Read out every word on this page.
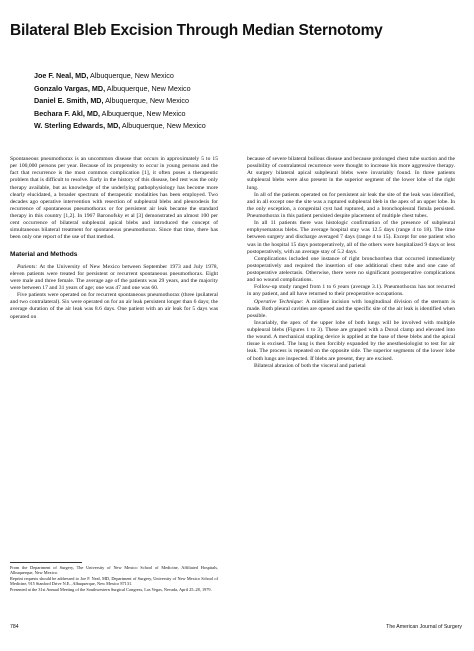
Bilateral Bleb Excision Through Median Sternotomy
Joe F. Neal, MD, Albuquerque, New Mexico
Gonzalo Vargas, MD, Albuquerque, New Mexico
Daniel E. Smith, MD, Albuquerque, New Mexico
Bechara F. Akl, MD, Albuquerque, New Mexico
W. Sterling Edwards, MD, Albuquerque, New Mexico

Spontaneous pneumothorax is an uncommon disease that occurs in approximately 5 to 15 per 100,000 persons per year. Because of its propensity to occur in young persons and the fact that recurrence is the most common complication [1], it often poses a therapeutic problem that is difficult to resolve. Early in the history of this disease, bed rest was the only therapy available, but as knowledge of the underlying pathophysiology has become more clearly elucidated, a broader spectrum of therapeutic modalities has been employed. Two decades ago operative intervention with resection of subpleural blebs and pleurodesis for recurrence of spontaneous pneumothorax or for persistent air leak became the standard therapy in this country [1,2]. In 1967 Baronofsky et al [3] demonstrated an almost 100 per cent occurrence of bilateral subpleural apical blebs and introduced the concept of simultaneous bilateral treatment for spontaneous pneumothorax. Since that time, there has been only one report of the use of that method.

Material and Methods

Patients: At the University of New Mexico between September 1973 and July 1978, eleven patients were treated for persistent or recurrent spontaneous pneumothorax. Eight were male and three female. The average age of the patients was 29 years, and the majority were between 17 and 31 years of age; one was 47 and one was 60.

Five patients were operated on for recurrent spontaneous pneumothorax (three ipsilateral and two contralateral). Six were operated on for an air leak persistent longer than 6 days; the average duration of the air leak was 8.6 days. One patient with an air leak for 5 days was operated on

From the Department of Surgery, The University of New Mexico School of Medicine, Affiliated Hospitals, Albuquerque, New Mexico.

Reprint requests should be addressed to Joe F. Neal, MD, Department of Surgery, University of New Mexico School of Medicine, 915 Stanford Drive N.E., Albuquerque, New Mexico 87131.

Presented at the 31st Annual Meeting of the Southwestern Surgical Congress, Las Vegas, Nevada, April 25–28, 1979.

because of severe bilateral bullous disease and because prolonged chest tube suction and the possibility of contralateral recurrence were thought to increase his more aggressive therapy. At surgery bilateral apical subpleural blebs were invariably found. In three patients subpleural blebs were also present in the superior segment of the lower lobe of the right lung.

In all of the patients operated on for persistent air leak the site of the leak was identified, and in all except one the site was a ruptured subpleural bleb in the apex of an upper lobe. In the only exception, a congenital cyst had ruptured, and a bronchopleural fistula persisted. Pneumothorax in this patient persisted despite placement of multiple chest tubes.

In all 11 patients there was histologic confirmation of the presence of subpleural emphysematous blebs. The average hospital stay was 12.5 days (range 4 to 18). The time between surgery and discharge averaged 7 days (range 4 to 15). Except for one patient who was in the hospital 15 days postoperatively, all of the others were hospitalized 9 days or less postoperatively, with an average stay of 5.2 days.

Complications included one instance of right bronchorrhea that occurred immediately postoperatively and required the insertion of one additional chest tube and one case of postoperative atelectasis. Otherwise, there were no significant postoperative complications and no wound complications.

Follow-up study ranged from 1 to 6 years (average 3.1). Pneumothorax has not recurred in any patient, and all have returned to their preoperative occupations.

Operative Technique: A midline incision with longitudinal division of the sternum is made. Both pleural cavities are opened and the specific site of the air leak is identified when possible.

Invariably, the apex of the upper lobe of both lungs will be involved with multiple subpleural blebs (Figures 1 to 3). These are grasped with a Duval clamp and elevated into the wound. A mechanical stapling device is applied at the base of these blebs and the apical tissue is excised. The lung is then forcibly expanded by the anesthesiologist to test for air leak. The process is repeated on the opposite side. The superior segments of the lower lobe of both lungs are inspected. If blebs are present, they are excised.

Bilateral abrasion of both the visceral and parietal

784	The American Journal of Surgery
